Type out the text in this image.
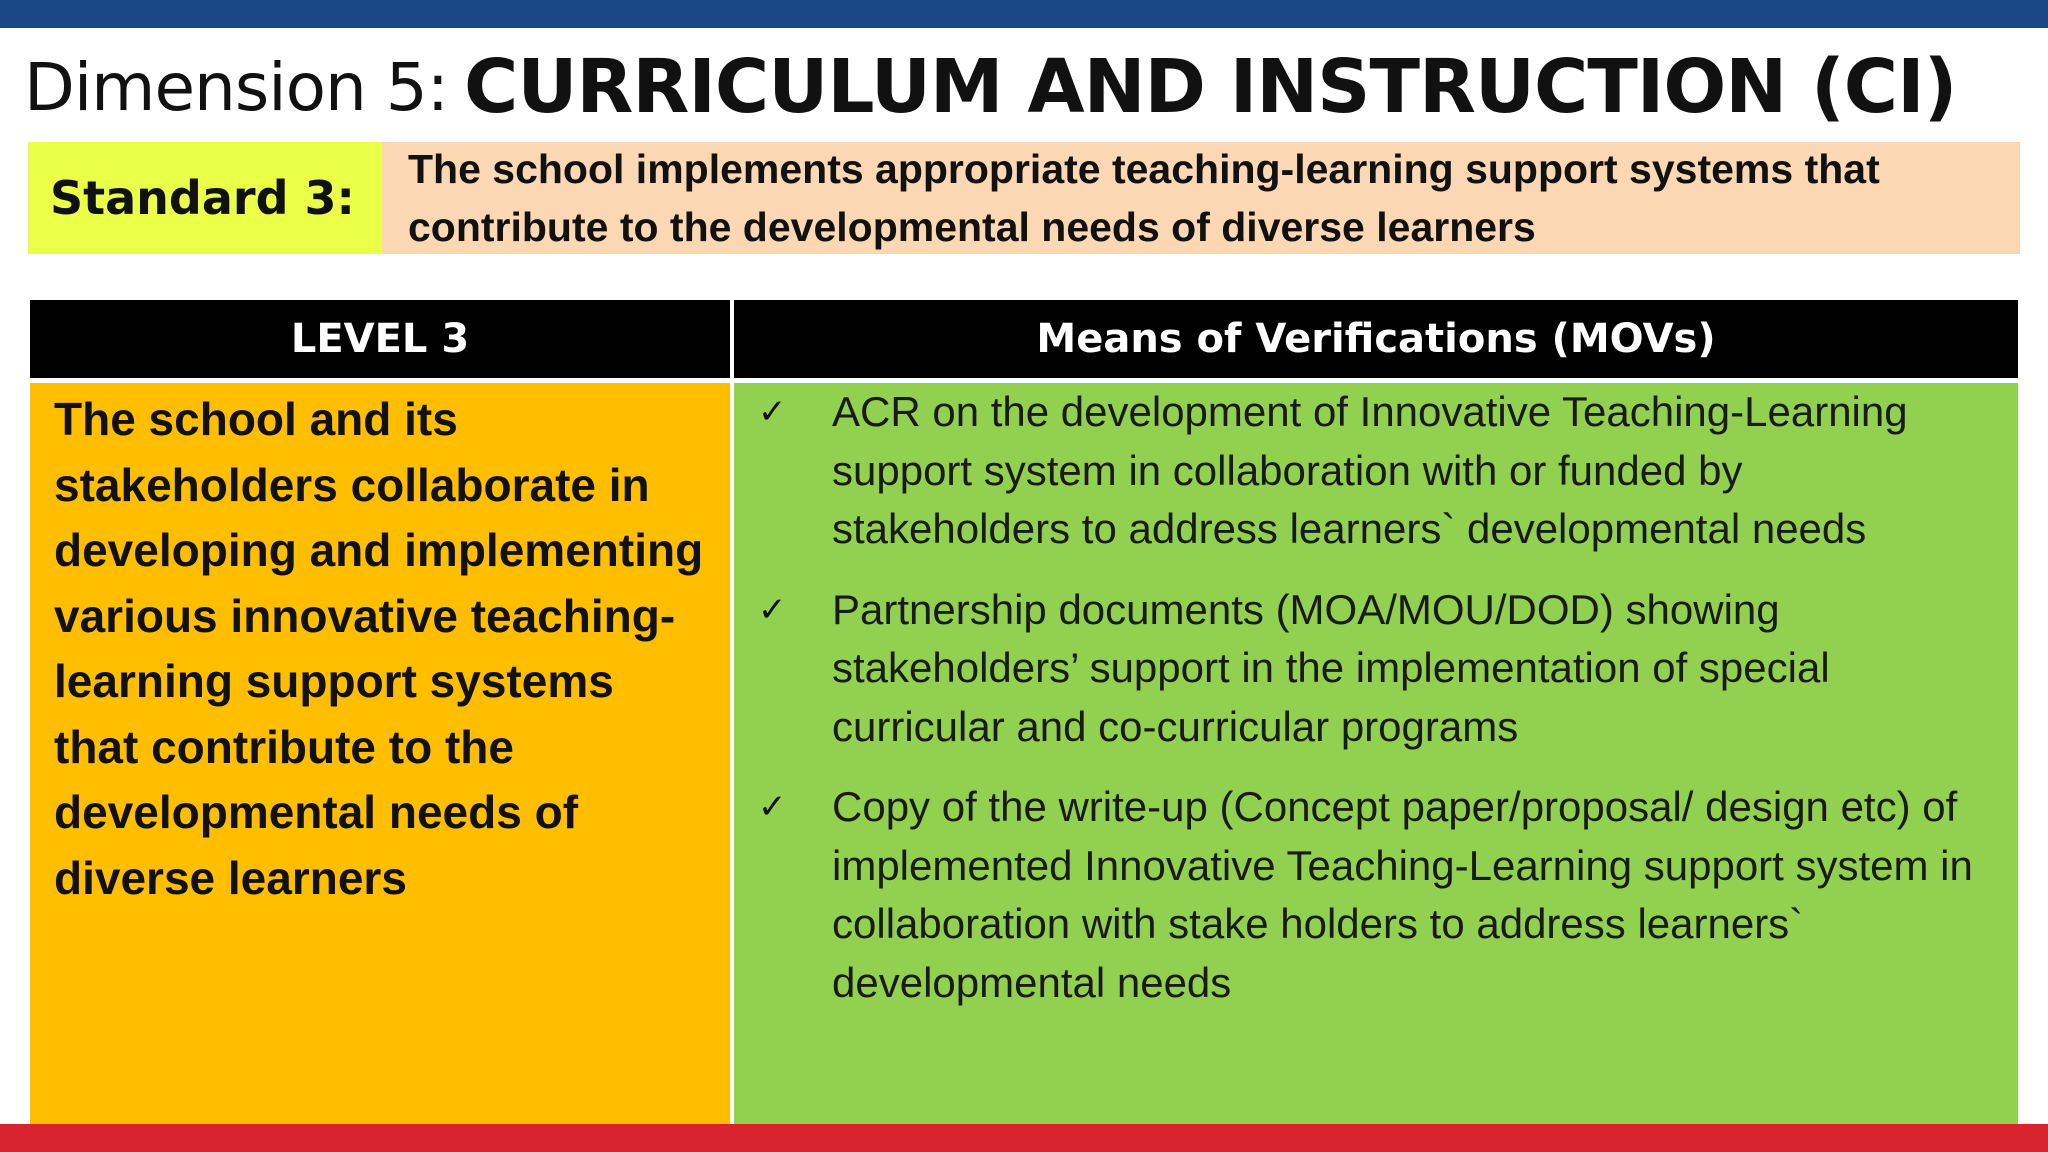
Dimension 5: CURRICULUM AND INSTRUCTION (CI)
Standard 3:
The school implements appropriate teaching-learning support systems that contribute to the developmental needs of diverse learners
LEVEL 3	Means of Verifications (MOVs)

The school and its stakeholders collaborate in developing and implementing various innovative teaching-learning support systems that contribute to the developmental needs of diverse learners

✓	ACR on the development of Innovative Teaching-Learning support system in collaboration with or funded by stakeholders to address learners` developmental needs
✓	Partnership documents (MOA/MOU/DOD) showing stakeholders’ support in the implementation of special curricular and co-curricular programs
✓	Copy of the write-up (Concept paper/proposal/ design etc) of implemented Innovative Teaching-Learning support system in collaboration with stake holders to address learners` developmental needs
